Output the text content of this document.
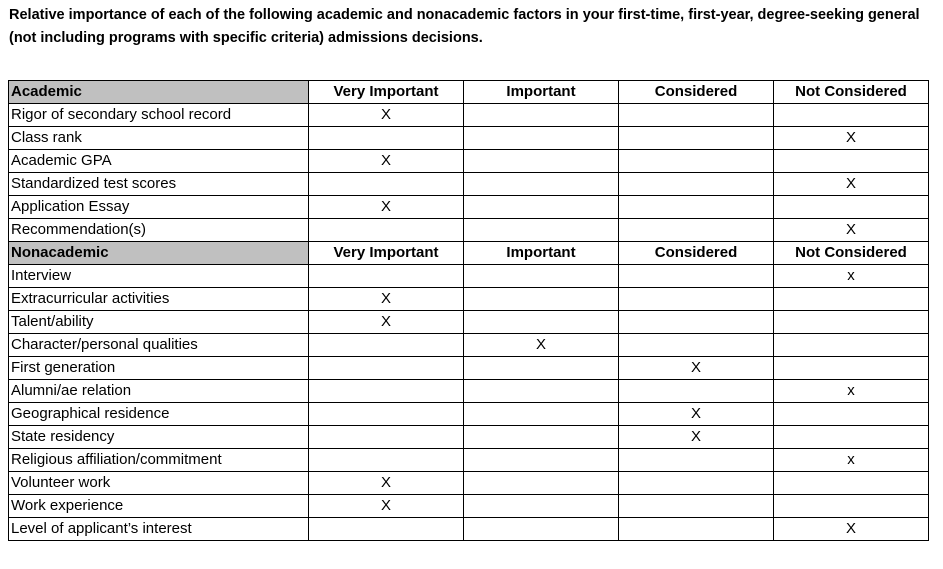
Relative importance of each of the following academic and nonacademic factors in your first-time, first-year, degree-seeking general (not including programs with specific criteria) admissions decisions.

Academic	Very Important	Important	Considered	Not Considered
Rigor of secondary school record	X			
Class rank				X
Academic GPA	X			
Standardized test scores				X
Application Essay	X			
Recommendation(s)				X
Nonacademic	Very Important	Important	Considered	Not Considered
Interview				x
Extracurricular activities	X			
Talent/ability	X			
Character/personal qualities		X		
First generation			X	
Alumni/ae relation				x
Geographical residence			X	
State residency			X	
Religious affiliation/commitment				x
Volunteer work	X			
Work experience	X			
Level of applicant’s interest				X
